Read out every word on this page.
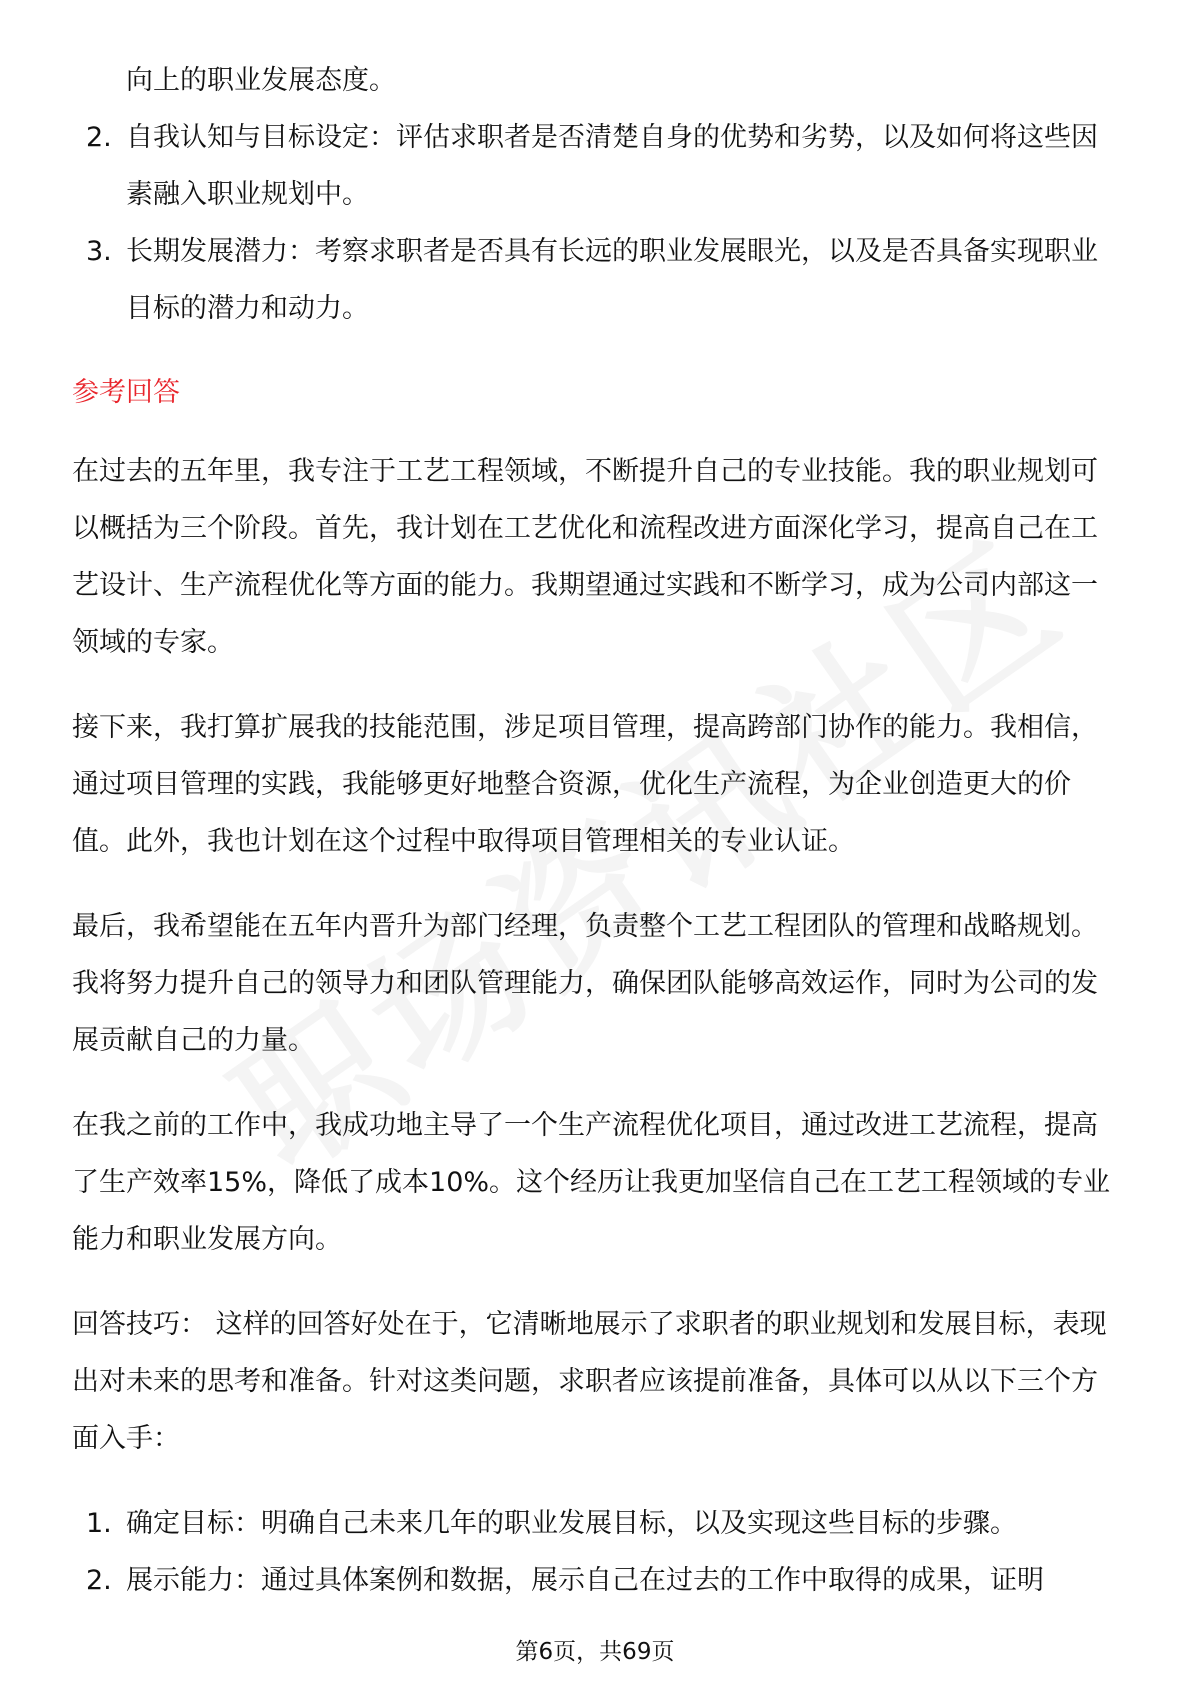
向上的职业发展态度。

2. 自我认知与目标设定：评估求职者是否清楚自身的优势和劣势，以及如何将这些因素融入职业规划中。
3. 长期发展潜力：考察求职者是否具有长远的职业发展眼光，以及是否具备实现职业目标的潜力和动力。
参考回答

在过去的五年里，我专注于工艺工程领域，不断提升自己的专业技能。我的职业规划可以概括为三个阶段。首先，我计划在工艺优化和流程改进方面深化学习，提高自己在工艺设计、生产流程优化等方面的能力。我期望通过实践和不断学习，成为公司内部这一领域的专家。

接下来，我打算扩展我的技能范围，涉足项目管理，提高跨部门协作的能力。我相信，通过项目管理的实践，我能够更好地整合资源，优化生产流程，为企业创造更大的价值。此外，我也计划在这个过程中取得项目管理相关的专业认证。

最后，我希望能在五年内晋升为部门经理，负责整个工艺工程团队的管理和战略规划。我将努力提升自己的领导力和团队管理能力，确保团队能够高效运作，同时为公司的发展贡献自己的力量。

在我之前的工作中，我成功地主导了一个生产流程优化项目，通过改进工艺流程，提高了生产效率15%，降低了成本10%。这个经历让我更加坚信自己在工艺工程领域的专业能力和职业发展方向。

回答技巧： 这样的回答好处在于，它清晰地展示了求职者的职业规划和发展目标，表现出对未来的思考和准备。针对这类问题，求职者应该提前准备，具体可以从以下三个方面入手：

1. 确定目标：明确自己未来几年的职业发展目标，以及实现这些目标的步骤。
2. 展示能力：通过具体案例和数据，展示自己在过去的工作中取得的成果，证明
第6页，共69页
